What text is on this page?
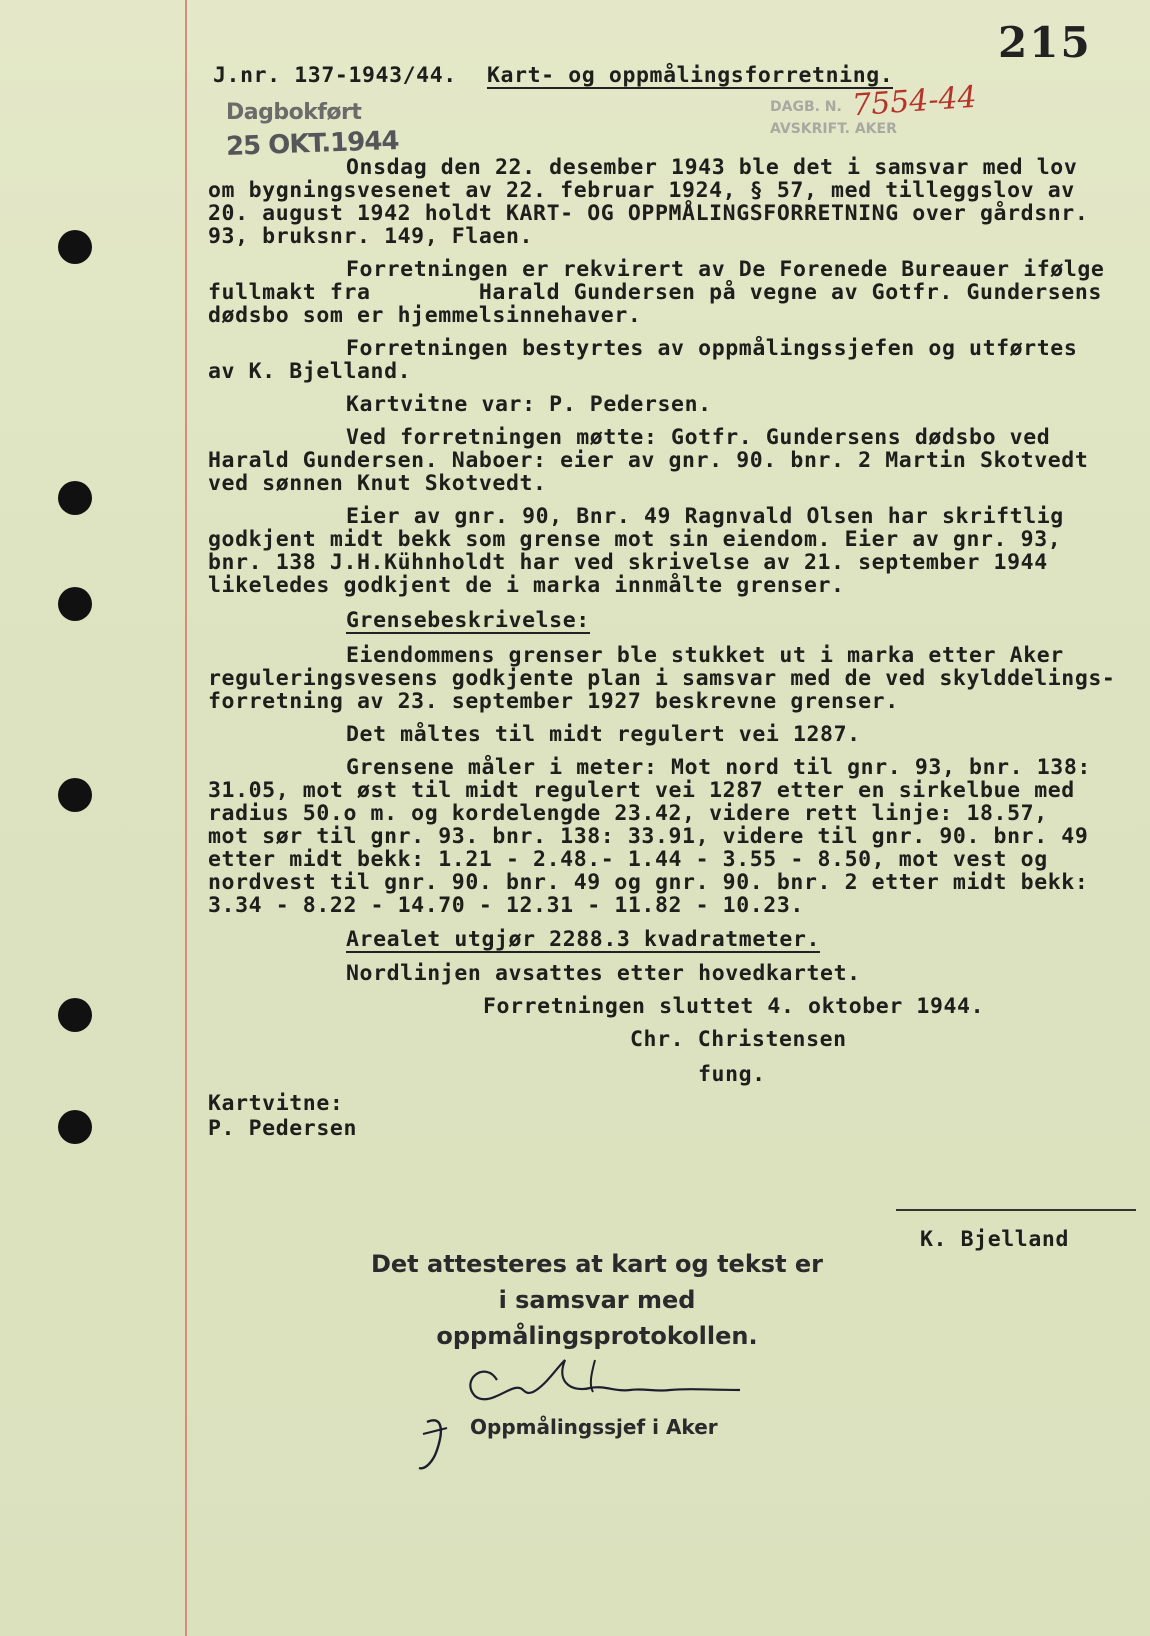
215
J.nr. 137-1943/44. Kart- og oppmålingsforretning.
Dagbokført
25 OKT.1944
DAGB. N.
AVSKRIFT. AKER
7554-44
Onsdag den 22. desember 1943 ble det i samsvar med lov
om bygningsvesenet av 22. februar 1924, § 57, med tilleggslov av
20. august 1942 holdt KART- OG OPPMÅLINGSFORRETNING over gårdsnr.
93, bruksnr. 149, Flaen.
Forretningen er rekvirert av De Forenede Bureauer ifølge
fullmakt fra        Harald Gundersen på vegne av Gotfr. Gundersens
dødsbo som er hjemmelsinnehaver.
Forretningen bestyrtes av oppmålingssjefen og utførtes
av K. Bjelland.
Kartvitne var: P. Pedersen.
Ved forretningen møtte: Gotfr. Gundersens dødsbo ved
Harald Gundersen. Naboer: eier av gnr. 90. bnr. 2 Martin Skotvedt
ved sønnen Knut Skotvedt.
Eier av gnr. 90, Bnr. 49 Ragnvald Olsen har skriftlig
godkjent midt bekk som grense mot sin eiendom. Eier av gnr. 93,
bnr. 138 J.H.Kühnholdt har ved skrivelse av 21. september 1944
likeledes godkjent de i marka innmålte grenser.
Grensebeskrivelse:
Eiendommens grenser ble stukket ut i marka etter Aker
reguleringsvesens godkjente plan i samsvar med de ved skylddelings-
forretning av 23. september 1927 beskrevne grenser.
Det måltes til midt regulert vei 1287.
Grensene måler i meter: Mot nord til gnr. 93, bnr. 138:
31.05, mot øst til midt regulert vei 1287 etter en sirkelbue med
radius 50.o m. og kordelengde 23.42, videre rett linje: 18.57,
mot sør til gnr. 93. bnr. 138: 33.91, videre til gnr. 90. bnr. 49
etter midt bekk: 1.21 - 2.48.- 1.44 - 3.55 - 8.50, mot vest og
nordvest til gnr. 90. bnr. 49 og gnr. 90. bnr. 2 etter midt bekk:
3.34 - 8.22 - 14.70 - 12.31 - 11.82 - 10.23.
Arealet utgjør 2288.3 kvadratmeter.
Nordlinjen avsattes etter hovedkartet.
Forretningen sluttet 4. oktober 1944.
Chr. Christensen
fung.
Kartvitne:
P. Pedersen
K. Bjelland
Det attesteres at kart og tekst er
i samsvar med oppmålingsprotokollen.
Oppmålingssjef i Aker
